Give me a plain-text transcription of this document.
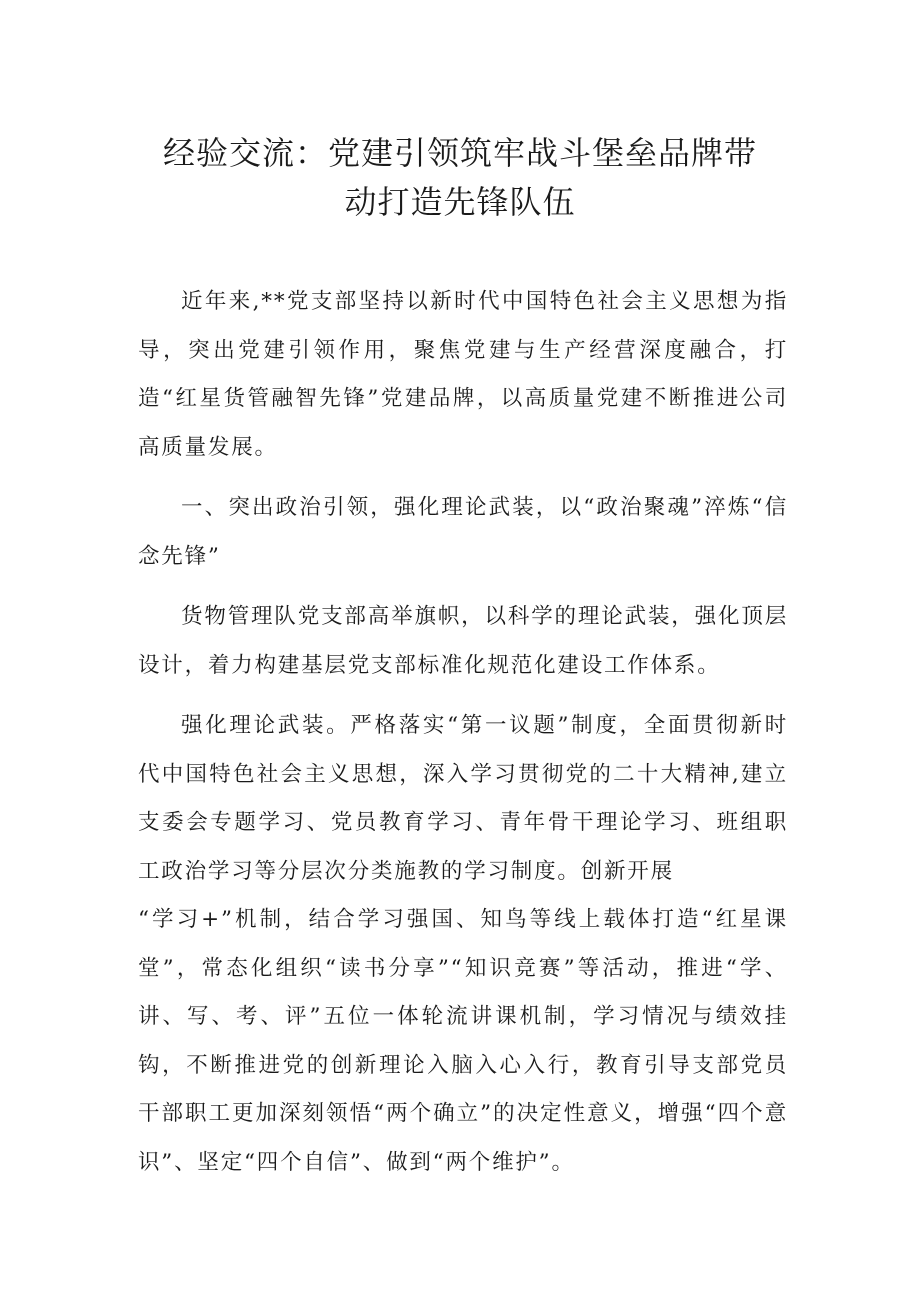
经验交流：党建引领筑牢战斗堡垒品牌带
动打造先锋队伍

近年来,**党支部坚持以新时代中国特色社会主义思想为指导，突出党建引领作用，聚焦党建与生产经营深度融合，打造“红星货管融智先锋”党建品牌，以高质量党建不断推进公司高质量发展。

一、突出政治引领，强化理论武装，以“政治聚魂”淬炼“信念先锋”

货物管理队党支部高举旗帜，以科学的理论武装，强化顶层设计，着力构建基层党支部标准化规范化建设工作体系。

强化理论武装。严格落实“第一议题”制度，全面贯彻新时代中国特色社会主义思想，深入学习贯彻党的二十大精神,建立支委会专题学习、党员教育学习、青年骨干理论学习、班组职工政治学习等分层次分类施教的学习制度。创新开展

“学习+”机制，结合学习强国、知鸟等线上载体打造“红星课堂”，常态化组织“读书分享”“知识竞赛”等活动，推进“学、讲、写、考、评”五位一体轮流讲课机制，学习情况与绩效挂钩，不断推进党的创新理论入脑入心入行，教育引导支部党员干部职工更加深刻领悟“两个确立”的决定性意义，增强“四个意识”、坚定“四个自信”、做到“两个维护”。
